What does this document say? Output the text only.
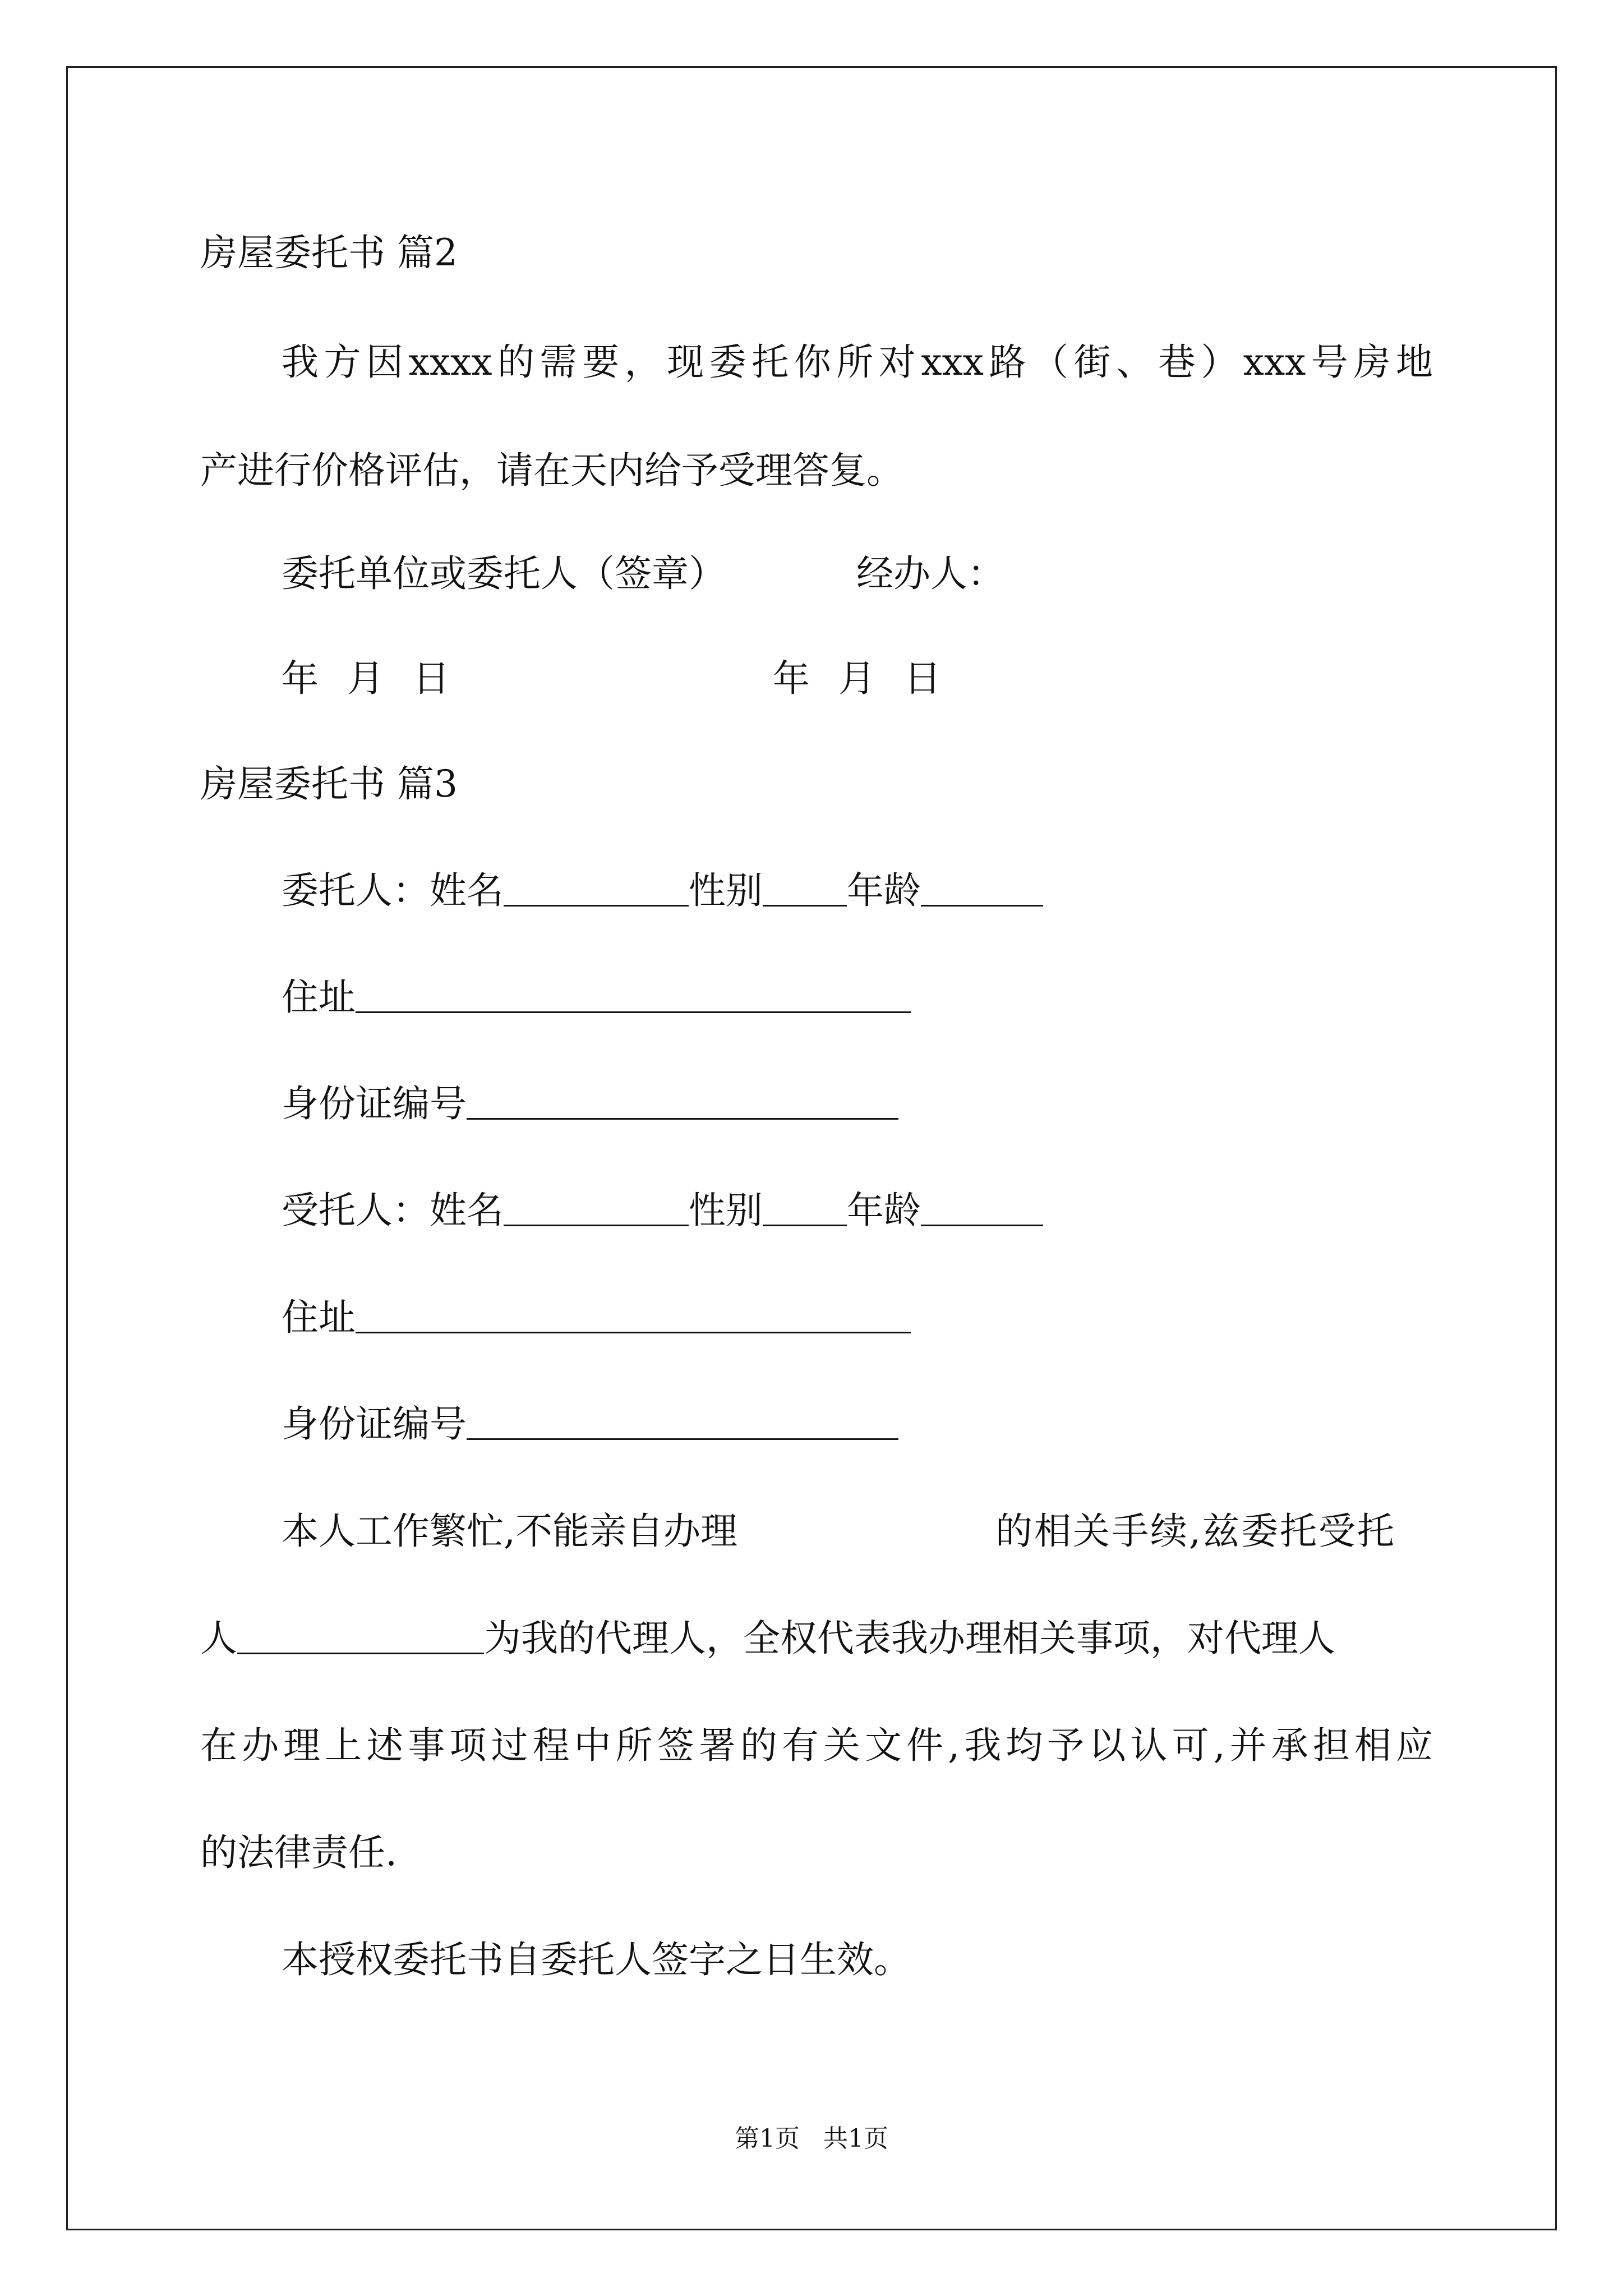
房屋委托书 篇2
我方因xxxx的需要，现委托你所对xxx路（街、巷）xxx号房地
产进行价格评估，请在天内给予受理答复。
委托单位或委托人（签章）	经办人：
年 月 日	年 月 日
房屋委托书 篇3
委托人：姓名	性别 年龄
住址
身份证编号
受托人：姓名	性别 年龄
住址
身份证编号
本人工作繁忙,不能亲自办理	的相关手续,兹委托受托
人	为我的代理人，全权代表我办理相关事项，对代理人
在办理上述事项过程中所签署的有关文件,我均予以认可,并承担相应
的法律责任.
本授权委托书自委托人签字之日生效。
第1页   共1页
